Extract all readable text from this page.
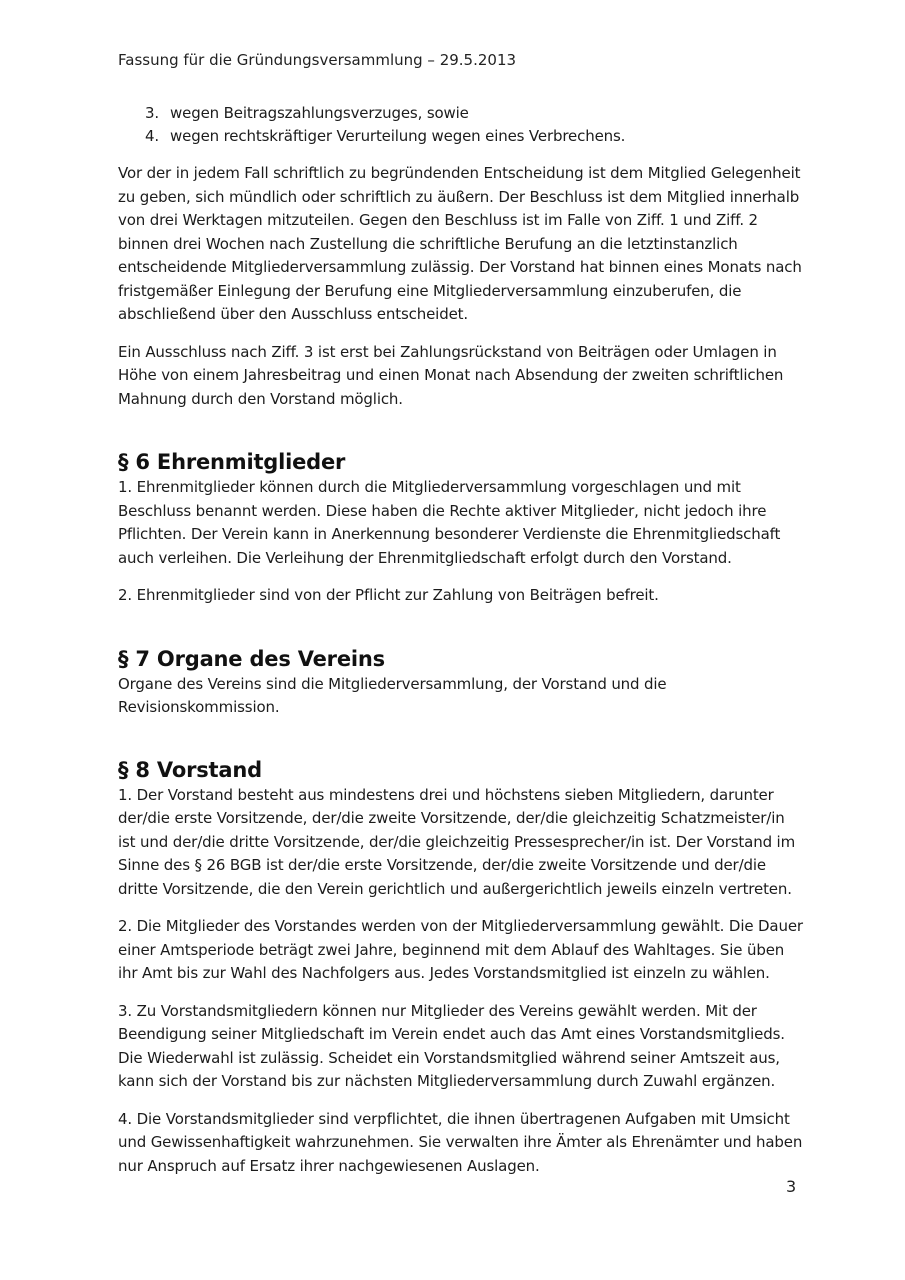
Fassung für die Gründungsversammlung – 29.5.2013
3. wegen Beitragszahlungsverzuges, sowie
4. wegen rechtskräftiger Verurteilung wegen eines Verbrechens.

Vor der in jedem Fall schriftlich zu begründenden Entscheidung ist dem Mitglied Gelegenheit zu geben, sich mündlich oder schriftlich zu äußern. Der Beschluss ist dem Mitglied innerhalb von drei Werktagen mitzuteilen. Gegen den Beschluss ist im Falle von Ziff. 1 und Ziff. 2 binnen drei Wochen nach Zustellung die schriftliche Berufung an die letztinstanzlich entscheidende Mitgliederversammlung zulässig. Der Vorstand hat binnen eines Monats nach fristgemäßer Einlegung der Berufung eine Mitgliederversammlung einzuberufen, die abschließend über den Ausschluss entscheidet.

Ein Ausschluss nach Ziff. 3 ist erst bei Zahlungsrückstand von Beiträgen oder Umlagen in Höhe von einem Jahresbeitrag und einen Monat nach Absendung der zweiten schriftlichen Mahnung durch den Vorstand möglich.

§ 6 Ehrenmitglieder

1. Ehrenmitglieder können durch die Mitgliederversammlung vorgeschlagen und mit Beschluss benannt werden. Diese haben die Rechte aktiver Mitglieder, nicht jedoch ihre Pflichten. Der Verein kann in Anerkennung besonderer Verdienste die Ehrenmitgliedschaft auch verleihen. Die Verleihung der Ehrenmitgliedschaft erfolgt durch den Vorstand.

2. Ehrenmitglieder sind von der Pflicht zur Zahlung von Beiträgen befreit.

§ 7 Organe des Vereins

Organe des Vereins sind die Mitgliederversammlung, der Vorstand und die Revisionskommission.

§ 8 Vorstand

1. Der Vorstand besteht aus mindestens drei und höchstens sieben Mitgliedern, darunter der/die erste Vorsitzende, der/die zweite Vorsitzende, der/die gleichzeitig Schatzmeister/in ist und der/die dritte Vorsitzende, der/die gleichzeitig Pressesprecher/in ist. Der Vorstand im Sinne des § 26 BGB ist der/die erste Vorsitzende, der/die zweite Vorsitzende und der/die dritte Vorsitzende, die den Verein gerichtlich und außergerichtlich jeweils einzeln vertreten.

2. Die Mitglieder des Vorstandes werden von der Mitgliederversammlung gewählt. Die Dauer einer Amtsperiode beträgt zwei Jahre, beginnend mit dem Ablauf des Wahltages. Sie üben ihr Amt bis zur Wahl des Nachfolgers aus. Jedes Vorstandsmitglied ist einzeln zu wählen.

3. Zu Vorstandsmitgliedern können nur Mitglieder des Vereins gewählt werden. Mit der Beendigung seiner Mitgliedschaft im Verein endet auch das Amt eines Vorstandsmitglieds. Die Wiederwahl ist zulässig. Scheidet ein Vorstandsmitglied während seiner Amtszeit aus, kann sich der Vorstand bis zur nächsten Mitgliederversammlung durch Zuwahl ergänzen.

4. Die Vorstandsmitglieder sind verpflichtet, die ihnen übertragenen Aufgaben mit Umsicht und Gewissenhaftigkeit wahrzunehmen. Sie verwalten ihre Ämter als Ehrenämter und haben nur Anspruch auf Ersatz ihrer nachgewiesenen Auslagen.

3
